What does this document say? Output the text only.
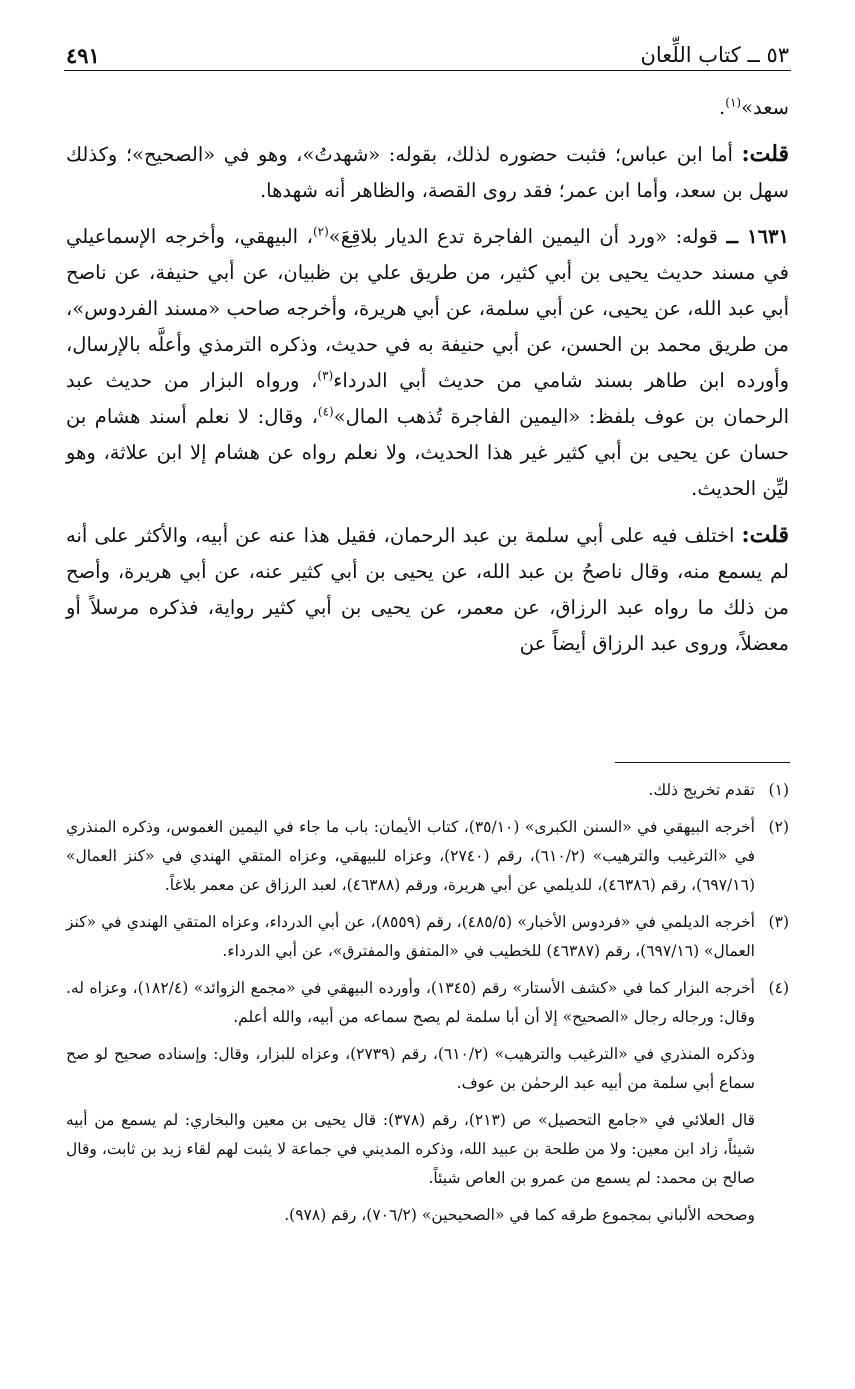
٥٣ ــ كتاب اللِّعان
٤٩١

سعد»$^{(١)}$.

قلت: أما ابن عباس؛ فثبت حضوره لذلك، بقوله: «شهدتُ»، وهو في «الصحيح»؛ وكذلك سهل بن سعد، وأما ابن عمر؛ فقد روى القصة، والظاهر أنه شهدها.

١٦٣١ ــ قوله: «ورد أن اليمين الفاجرة تدع الديار بلاقِعَ»$^{(٢)}$، البيهقي، وأخرجه الإسماعيلي في مسند حديث يحيى بن أبي كثير، من طريق علي بن ظبيان، عن أبي حنيفة، عن ناصح أبي عبد الله، عن يحيى، عن أبي سلمة، عن أبي هريرة، وأخرجه صاحب «مسند الفردوس»، من طريق محمد بن الحسن، عن أبي حنيفة به في حديث، وذكره الترمذي وأعلَّه بالإرسال، وأورده ابن طاهر بسند شامي من حديث أبي الدرداء$^{(٣)}$، ورواه البزار من حديث عبد الرحمان بن عوف بلفظ: «اليمين الفاجرة تُذهب المال»$^{(٤)}$، وقال: لا نعلم أسند هشام بن حسان عن يحيى بن أبي كثير غير هذا الحديث، ولا نعلم رواه عن هشام إلا ابن علاثة، وهو ليِّن الحديث.

قلت: اختلف فيه على أبي سلمة بن عبد الرحمان، فقيل هذا عنه عن أبيه، والأكثر على أنه لم يسمع منه، وقال ناصحُ بن عبد الله، عن يحيى بن أبي كثير عنه، عن أبي هريرة، وأصح من ذلك ما رواه عبد الرزاق، عن معمر، عن يحيى بن أبي كثير رواية، فذكره مرسلاً أو معضلاً، وروى عبد الرزاق أيضاً عن

(١)
تقدم تخريج ذلك.
(٢)
أخرجه البيهقي في «السنن الكبرى» (٣٥/١٠)، كتاب الأيمان: باب ما جاء في اليمين الغموس، وذكره المنذري في «الترغيب والترهيب» (٦١٠/٢)، رقم (٢٧٤٠)، وعزاه للبيهقي، وعزاه المتقي الهندي في «كنز العمال» (٦٩٧/١٦)، رقم (٤٦٣٨٦)، للديلمي عن أبي هريرة، ورقم (٤٦٣٨٨)، لعبد الرزاق عن معمر بلاغاً.
(٣)
أخرجه الديلمي في «فردوس الأخبار» (٤٨٥/٥)، رقم (٨٥٥٩)، عن أبي الدرداء، وعزاه المتقي الهندي في «كنز العمال» (٦٩٧/١٦)، رقم (٤٦٣٨٧) للخطيب في «المتفق والمفترق»، عن أبي الدرداء.
(٤)

أخرجه البزار كما في «كشف الأستار» رقم (١٣٤٥)، وأورده البيهقي في «مجمع الزوائد» (١٨٢/٤)، وعزاه له. وقال: ورجاله رجال «الصحيح» إلا أن أبا سلمة لم يصح سماعه من أبيه، والله أعلم.

وذكره المنذري في «الترغيب والترهيب» (٦١٠/٢)، رقم (٢٧٣٩)، وعزاه للبزار، وقال: وإسناده صحيح لو صح سماع أبي سلمة من أبيه عبد الرحمٰن بن عوف.

قال العلائي في «جامع التحصيل» ص (٢١٣)، رقم (٣٧٨): قال يحيى بن معين والبخاري: لم يسمع من أبيه شيئاً، زاد ابن معين: ولا من طلحة بن عبيد الله، وذكره المديني في جماعة لا يثبت لهم لقاء زيد بن ثابت، وقال صالح بن محمد: لم يسمع من عمرو بن العاص شيئاً.

وصححه الألباني بمجموع طرقه كما في «الصحيحين» (٧٠٦/٢)، رقم (٩٧٨).
